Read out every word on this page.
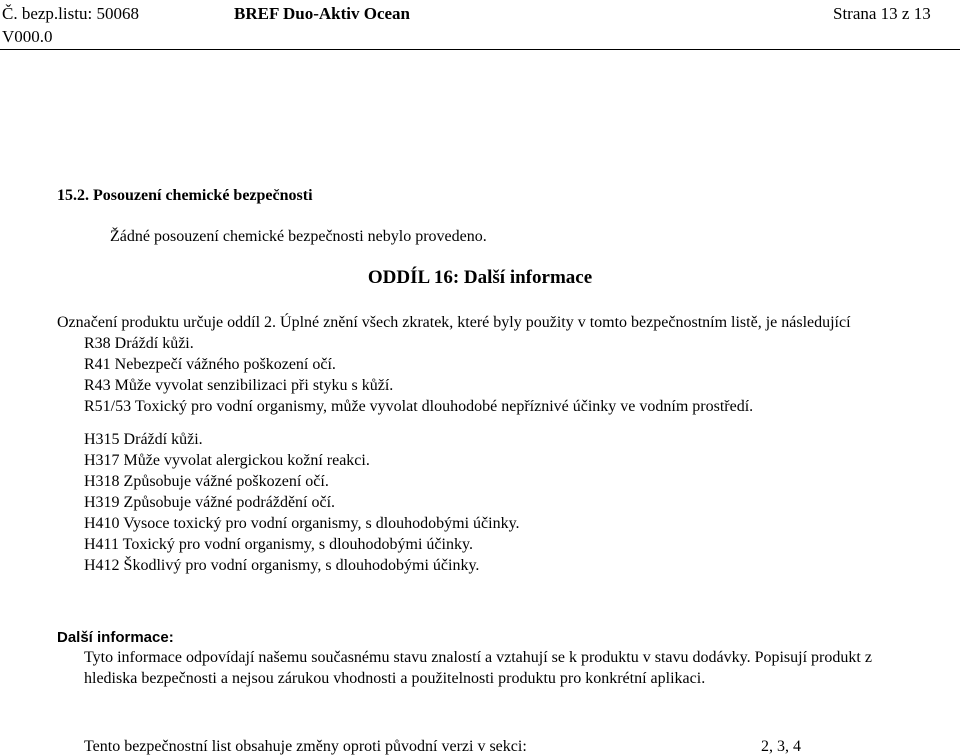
Č. bezp.listu: 50068
V000.0
BREF Duo-Aktiv Ocean	Strana 13 z 13
15.2. Posouzení chemické bezpečnosti
Žádné posouzení chemické bezpečnosti nebylo provedeno.
ODDÍL 16: Další informace
Označení produktu určuje oddíl 2. Úplné znění všech zkratek, které byly použity v tomto bezpečnostním listě, je následující
R38 Dráždí kůži.
R41 Nebezpečí vážného poškození očí.
R43 Může vyvolat senzibilizaci při styku s kůží.
R51/53 Toxický pro vodní organismy, může vyvolat dlouhodobé nepříznivé účinky ve vodním prostředí.
H315 Dráždí kůži.
H317 Může vyvolat alergickou kožní reakci.
H318 Způsobuje vážné poškození očí.
H319 Způsobuje vážné podráždění očí.
H410 Vysoce toxický pro vodní organismy, s dlouhodobými účinky.
H411 Toxický pro vodní organismy, s dlouhodobými účinky.
H412 Škodlivý pro vodní organismy, s dlouhodobými účinky.
Další informace:
Tyto informace odpovídají našemu současnému stavu znalostí a vztahují se k produktu v stavu dodávky. Popisují produkt z
hlediska bezpečnosti a nejsou zárukou vhodnosti a použitelnosti produktu pro konkrétní aplikaci.
Tento bezpečnostní list obsahuje změny oproti původní verzi v sekci:	2, 3, 4
